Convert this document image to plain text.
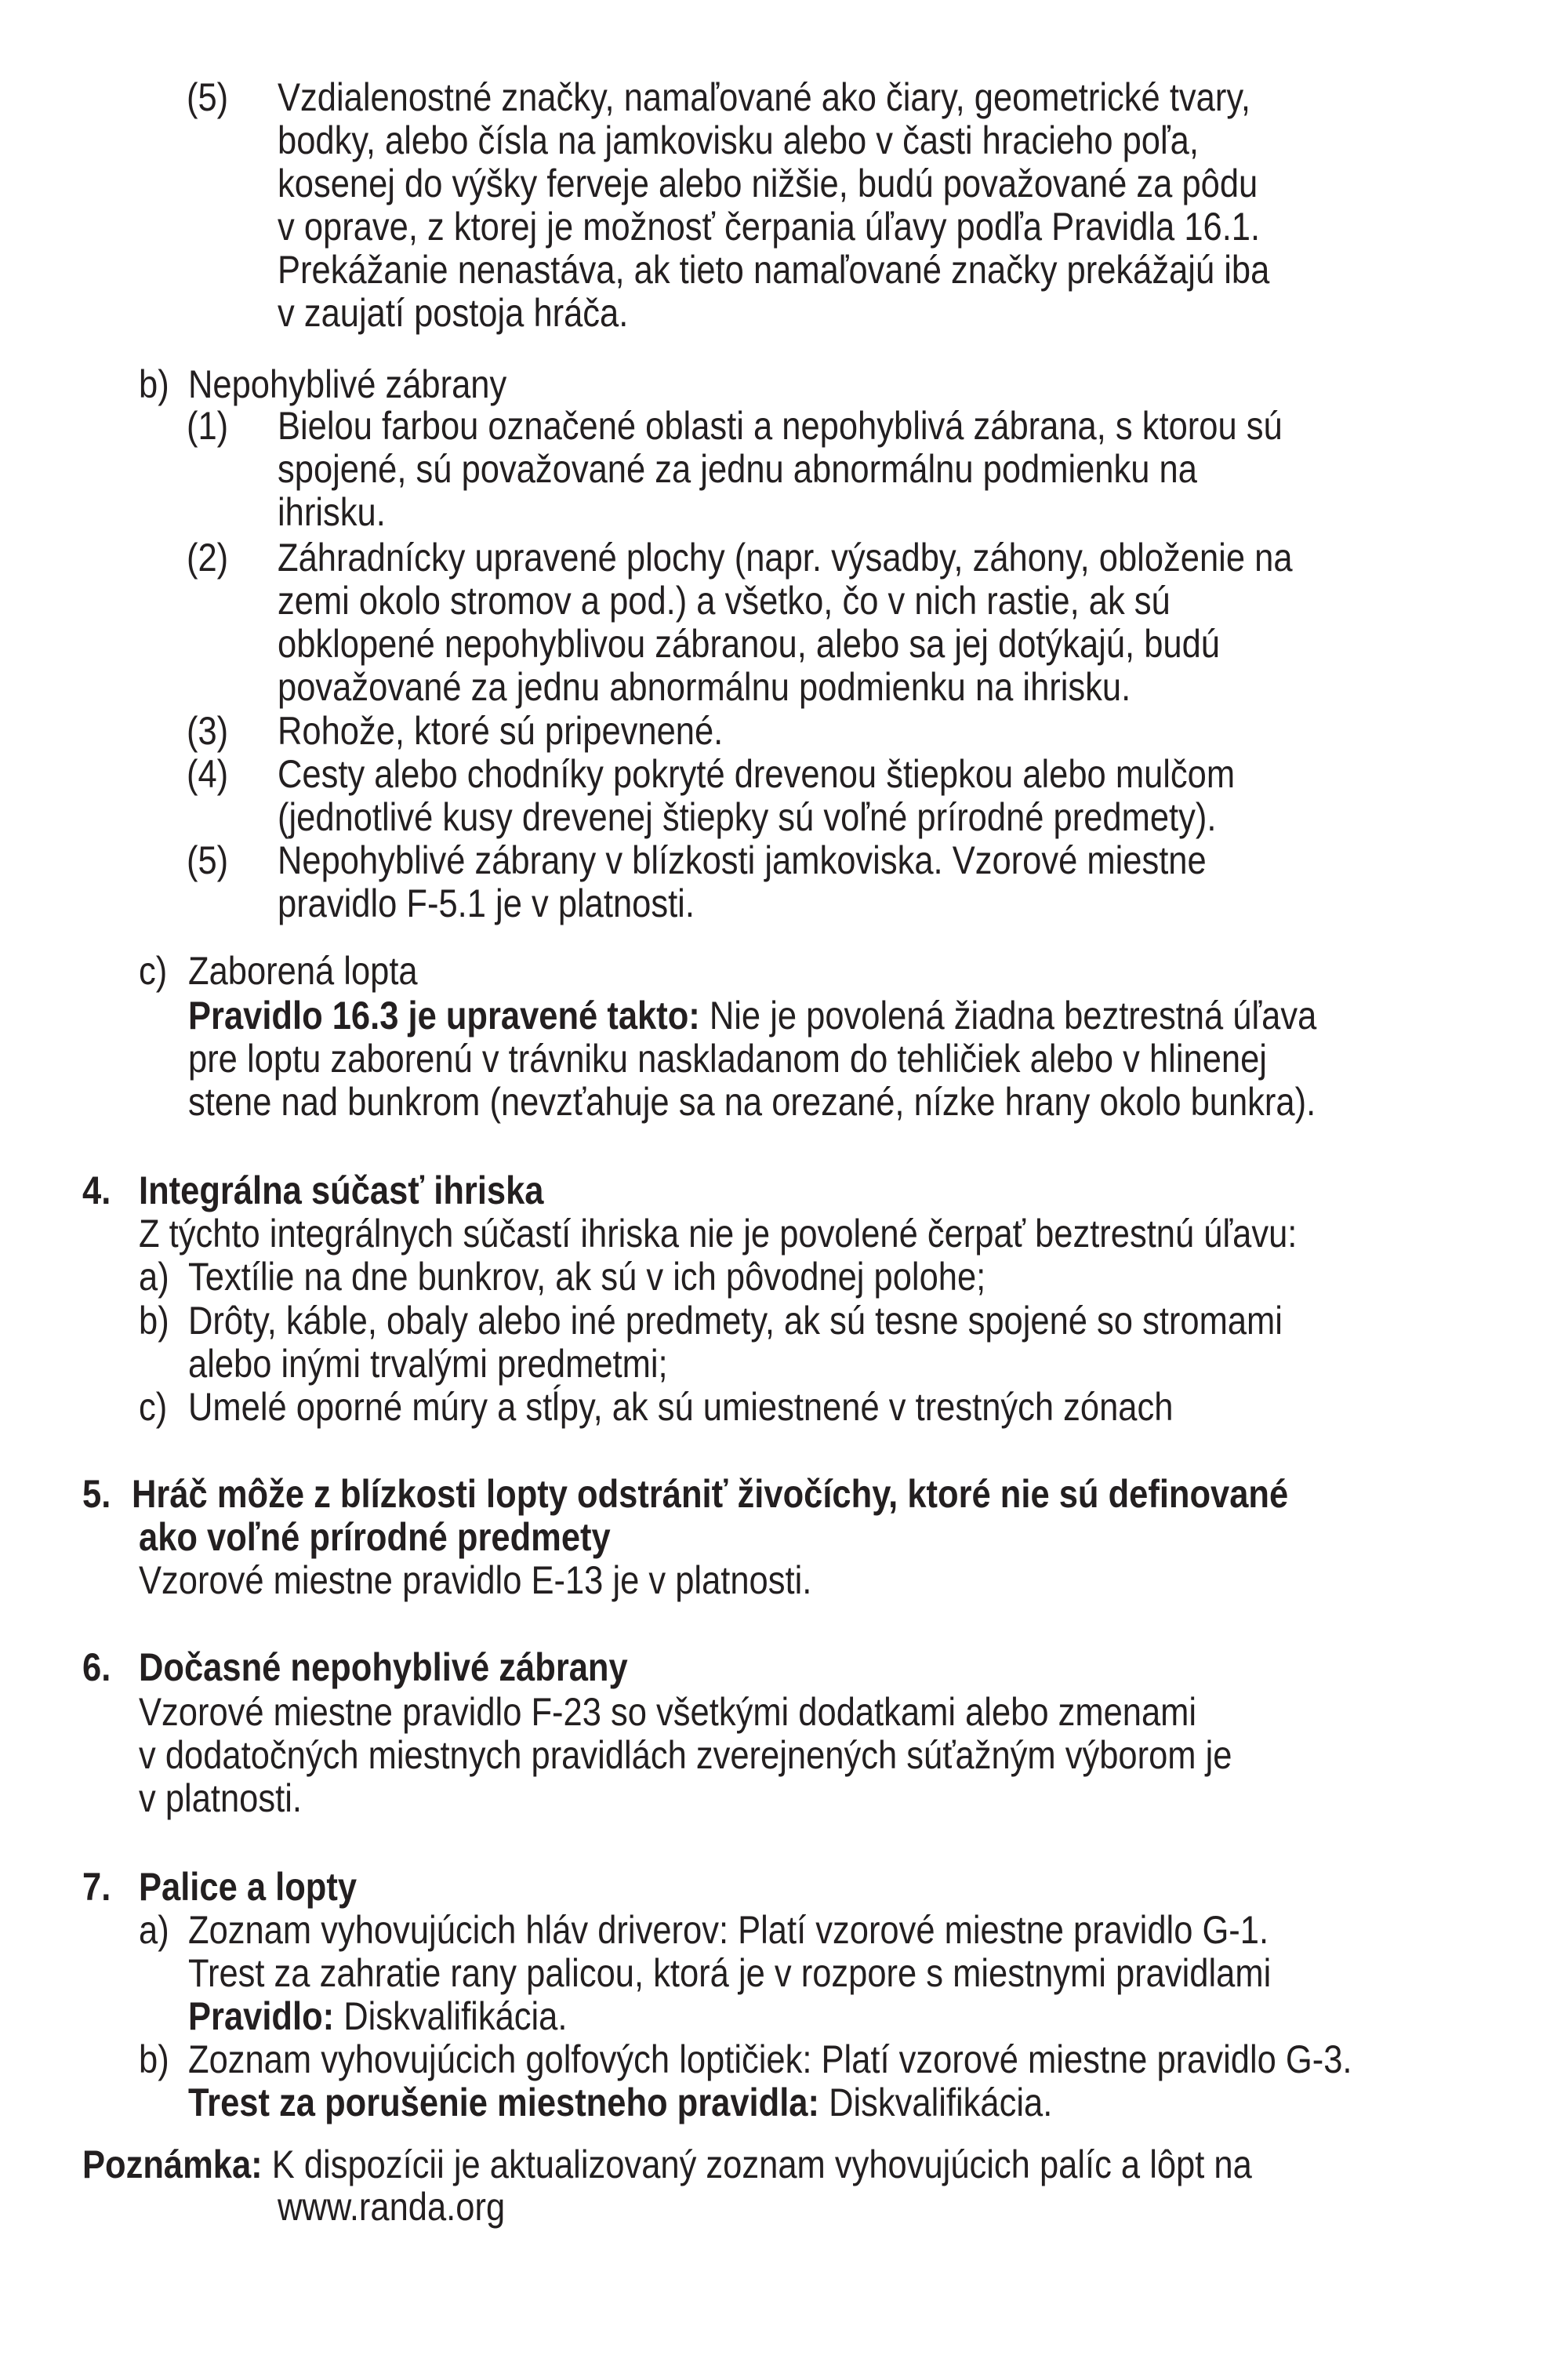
(5) Vzdialenostné značky, namaľované ako čiary, geometrické tvary,
bodky, alebo čísla na jamkovisku alebo v časti hracieho poľa,
kosenej do výšky ferveje alebo nižšie, budú považované za pôdu
v oprave, z ktorej je možnosť čerpania úľavy podľa Pravidla 16.1.
Prekážanie nenastáva, ak tieto namaľované značky prekážajú iba
v zaujatí postoja hráča.
b) Nepohyblivé zábrany
(1) Bielou farbou označené oblasti a nepohyblivá zábrana, s ktorou sú
spojené, sú považované za jednu abnormálnu podmienku na
ihrisku.
(2) Záhradnícky upravené plochy (napr. výsadby, záhony, obloženie na
zemi okolo stromov a pod.) a všetko, čo v nich rastie, ak sú
obklopené nepohyblivou zábranou, alebo sa jej dotýkajú, budú
považované za jednu abnormálnu podmienku na ihrisku.
(3) Rohože, ktoré sú pripevnené.
(4) Cesty alebo chodníky pokryté drevenou štiepkou alebo mulčom
(jednotlivé kusy drevenej štiepky sú voľné prírodné predmety).
(5) Nepohyblivé zábrany v blízkosti jamkoviska. Vzorové miestne
pravidlo F-5.1 je v platnosti.
c) Zaborená lopta
Pravidlo 16.3 je upravené takto: Nie je povolená žiadna beztrestná úľava
pre loptu zaborenú v trávniku naskladanom do tehličiek alebo v hlinenej
stene nad bunkrom (nevzťahuje sa na orezané, nízke hrany okolo bunkra).
4. Integrálna súčasť ihriska
Z týchto integrálnych súčastí ihriska nie je povolené čerpať beztrestnú úľavu:
a) Textílie na dne bunkrov, ak sú v ich pôvodnej polohe;
b) Drôty, káble, obaly alebo iné predmety, ak sú tesne spojené so stromami
alebo inými trvalými predmetmi;
c) Umelé oporné múry a stĺpy, ak sú umiestnené v trestných zónach
5. Hráč môže z blízkosti lopty odstrániť živočíchy, ktoré nie sú definované
ako voľné prírodné predmety
Vzorové miestne pravidlo E-13 je v platnosti.
6. Dočasné nepohyblivé zábrany
Vzorové miestne pravidlo F-23 so všetkými dodatkami alebo zmenami
v dodatočných miestnych pravidlách zverejnených súťažným výborom je
v platnosti.
7. Palice a lopty
a) Zoznam vyhovujúcich hláv driverov: Platí vzorové miestne pravidlo G-1.
Trest za zahratie rany palicou, ktorá je v rozpore s miestnymi pravidlami
Pravidlo: Diskvalifikácia.
b) Zoznam vyhovujúcich golfových loptičiek: Platí vzorové miestne pravidlo G-3.
Trest za porušenie miestneho pravidla: Diskvalifikácia.
Poznámka: K dispozícii je aktualizovaný zoznam vyhovujúcich palíc a lôpt na
www.randa.org
